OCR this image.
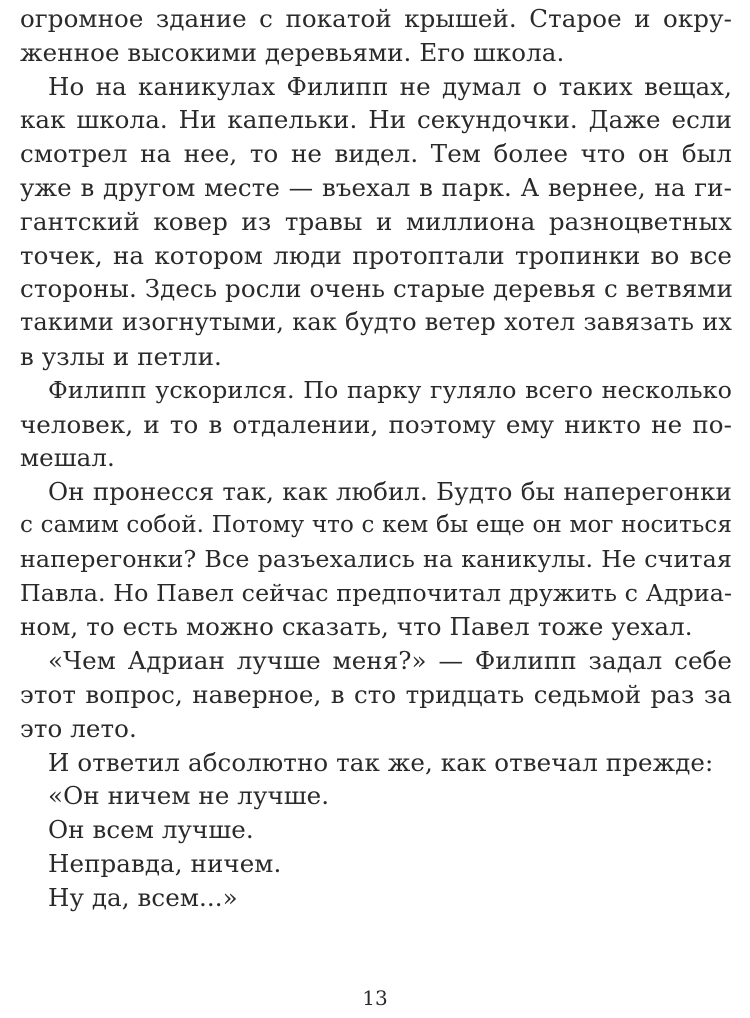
огромное здание с покатой крышей. Старое и окру-
женное высокими деревьями. Его школа.
Но на каникулах Филипп не думал о таких вещах,
как школа. Ни капельки. Ни секундочки. Даже если
смотрел на нее, то не видел. Тем более что он был
уже в другом месте — въехал в парк. А вернее, на ги-
гантский ковер из травы и миллиона разноцветных
точек, на котором люди протоптали тропинки во все
стороны. Здесь росли очень старые деревья с ветвями
такими изогнутыми, как будто ветер хотел завязать их
в узлы и петли.
Филипп ускорился. По парку гуляло всего несколько
человек, и то в отдалении, поэтому ему никто не по-
мешал.
Он пронесся так, как любил. Будто бы наперегонки
с самим собой. Потому что с кем бы еще он мог носиться
наперегонки? Все разъехались на каникулы. Не считая
Павла. Но Павел сейчас предпочитал дружить с Адриа-
ном, то есть можно сказать, что Павел тоже уехал.
«Чем Адриан лучше меня?» — Филипп задал себе
этот вопрос, наверное, в сто тридцать седьмой раз за
это лето.
И ответил абсолютно так же, как отвечал прежде:
«Он ничем не лучше.
Он всем лучше.
Неправда, ничем.
Ну да, всем...»
13
